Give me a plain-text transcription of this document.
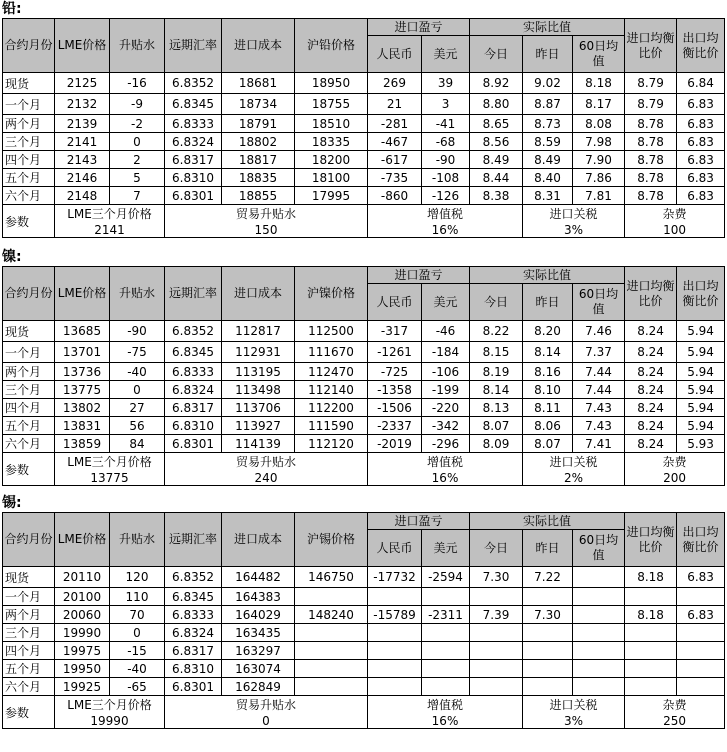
铅:
合约月份	LME价格	升贴水	远期汇率	进口成本	沪铅价格	进口盈亏		实际比值			进口均衡比价	出口均衡比价	
						人民币	美元	今日	昨日	60日均值			
现货	2125	-16	6.8352	18681	18950	269	39	8.92	9.02	8.18	8.79	6.84	
一个月	2132	-9	6.8345	18734	18755	21	3	8.80	8.87	8.17	8.79	6.83	
两个月	2139	-2	6.8333	18791	18510	-281	-41	8.65	8.73	8.08	8.78	6.83	
三个月	2141	0	6.8324	18802	18335	-467	-68	8.56	8.59	7.98	8.78	6.83	
四个月	2143	2	6.8317	18817	18200	-617	-90	8.49	8.49	7.90	8.78	6.83	
五个月	2146	5	6.8310	18835	18100	-735	-108	8.44	8.40	7.86	8.78	6.83	
六个月	2148	7	6.8301	18855	17995	-860	-126	8.38	8.31	7.81	8.78	6.83	
参数	LME三个月价格		贸易升贴水			增值税			进口关税		杂费		
	2141		150			16%			3%		100		
镍:
合约月份	LME价格	升贴水	远期汇率	进口成本	沪镍价格	进口盈亏		实际比值			进口均衡比价	出口均衡比价	
						人民币	美元	今日	昨日	60日均值			
现货	13685	-90	6.8352	112817	112500	-317	-46	8.22	8.20	7.46	8.24	5.94	
一个月	13701	-75	6.8345	112931	111670	-1261	-184	8.15	8.14	7.37	8.24	5.94	
两个月	13736	-40	6.8333	113195	112470	-725	-106	8.19	8.16	7.44	8.24	5.94	
三个月	13775	0	6.8324	113498	112140	-1358	-199	8.14	8.10	7.44	8.24	5.94	
四个月	13802	27	6.8317	113706	112200	-1506	-220	8.13	8.11	7.43	8.24	5.94	
五个月	13831	56	6.8310	113927	111590	-2337	-342	8.07	8.06	7.43	8.24	5.94	
六个月	13859	84	6.8301	114139	112120	-2019	-296	8.09	8.07	7.41	8.24	5.93	
参数	LME三个月价格		贸易升贴水			增值税			进口关税		杂费		
	13775		240			16%			2%		200		
锡:
合约月份	LME价格	升贴水	远期汇率	进口成本	沪锡价格	进口盈亏		实际比值			进口均衡比价	出口均衡比价	
						人民币	美元	今日	昨日	60日均值			
现货	20110	120	6.8352	164482	146750	-17732	-2594	7.30	7.22		8.18	6.83	
一个月	20100	110	6.8345	164383									
两个月	20060	70	6.8333	164029	148240	-15789	-2311	7.39	7.30		8.18	6.83	
三个月	19990	0	6.8324	163435									
四个月	19975	-15	6.8317	163297									
五个月	19950	-40	6.8310	163074									
六个月	19925	-65	6.8301	162849									
参数	LME三个月价格		贸易升贴水			增值税			进口关税		杂费		
	19990		0			16%			3%		250		
